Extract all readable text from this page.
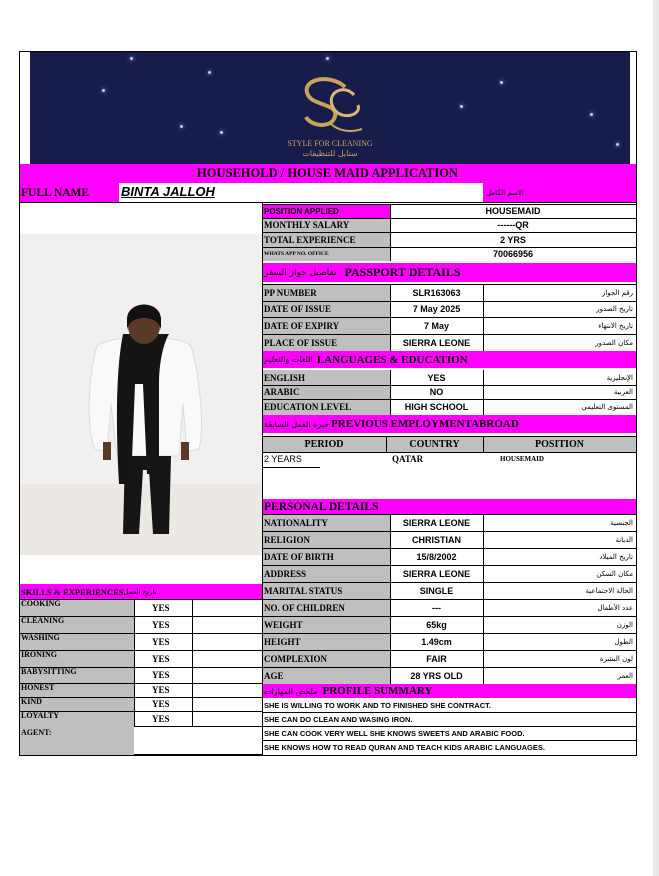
STYLE FOR CLEANING
ستايل للتنظيفات
HOUSEHOLD / HOUSE MAID APPLICATION
FULL NAME	BINTA JALLOH	الاسم الكامل
POSITION APPLIED	HOUSEMAID
MONTHLY SALARY	------QR
TOTAL EXPERIENCE	2 YRS
WHATS APP NO. OFFICE	70066956
تفاصيل جواز السفر PASSPORT DETAILS
PP NUMBER	SLR163063	رقم الجواز
DATE OF ISSUE	7 May 2025	تاريخ الصدور
DATE OF EXPIRY	7 May	تاريخ الانتهاء
PLACE OF ISSUE	SIERRA LEONE	مكان الصدور
اللغات والتعليم LANGUAGES & EDUCATION
ENGLISH	YES	الإنجليزية
ARABIC	NO	العربية
EDUCATION LEVEL	HIGH SCHOOL	المستوى التعليمي
خبرة العمل السابقة PREVIOUS EMPLOYMENTABROAD
PERIOD	COUNTRY	POSITION
2 YEARS	QATAR	HOUSEMAID
PERSONAL DETAILS
NATIONALITY	SIERRA LEONE	الجنسية
RELIGION	CHRISTIAN	الديانة
DATE OF BIRTH	15/8/2002	تاريخ الميلاد
ADDRESS	SIERRA LEONE	مكان السكن
MARITAL STATUS	SINGLE	الحالة الاجتماعية
NO. OF CHILDREN	---	عدد الأطفال
WEIGHT	65kg	الوزن
HEIGHT	1.49cm	الطول
COMPLEXION	FAIR	لون البشرة
AGE	28 YRS OLD	العمر
SKILLS & EXPERIENCES تاريخ العمل
COOKING	YES
CLEANING	YES
WASHING	YES
IRONING	YES
BABYSITTING	YES
HONEST	YES
KIND	YES
LOYALTY	YES
AGENT:
ملخص المهارات PROFILE SUMMARY
SHE IS WILLING TO WORK AND TO FINISHED SHE CONTRACT.
SHE CAN DO CLEAN AND WASING IRON.
SHE CAN COOK VERY WELL SHE KNOWS SWEETS AND ARABIC FOOD.
SHE KNOWS HOW TO READ QURAN AND TEACH KIDS ARABIC LANGUAGES.
